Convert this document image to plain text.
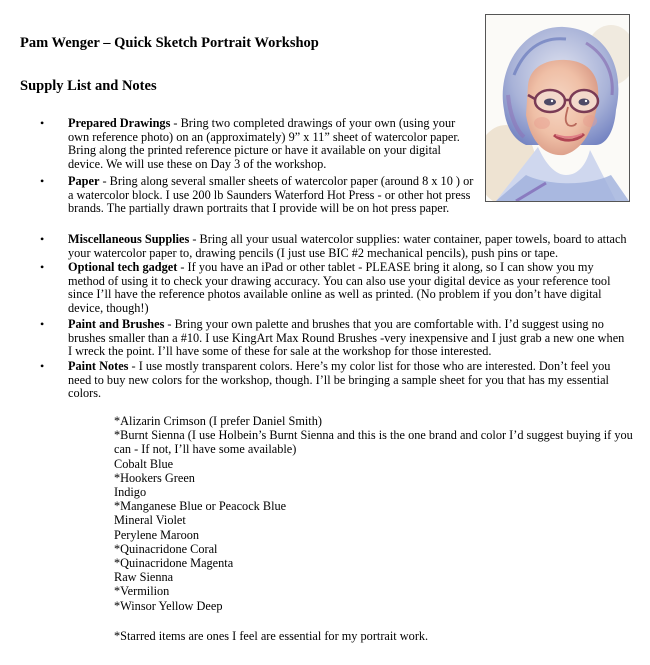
Pam Wenger – Quick Sketch Portrait Workshop
Supply List and Notes
• Prepared Drawings - Bring two completed drawings of your own (using your own reference photo) on an (approximately) 9” x 11” sheet of watercolor paper. Bring along the printed reference picture or have it available on your digital device. We will use these on Day 3 of the workshop.
• Paper - Bring along several smaller sheets of watercolor paper (around 8 x 10 ) or a watercolor block. I use 200 lb Saunders Waterford Hot Press - or other hot press brands. The partially drawn portraits that I provide will be on hot press paper.
• Miscellaneous Supplies - Bring all your usual watercolor supplies: water container, paper towels, board to attach your watercolor paper to, drawing pencils (I just use BIC #2 mechanical pencils), push pins or tape.
• Optional tech gadget - If you have an iPad or other tablet - PLEASE bring it along, so I can show you my method of using it to check your drawing accuracy. You can also use your digital device as your reference tool since I’ll have the reference photos available online as well as printed. (No problem if you don’t have digital device, though!)
• Paint and Brushes - Bring your own palette and brushes that you are comfortable with. I’d suggest using no brushes smaller than a #10. I use KingArt Max Round Brushes -very inexpensive and I just grab a new one when I wreck the point. I’ll have some of these for sale at the workshop for those interested.
• Paint Notes - I use mostly transparent colors. Here’s my color list for those who are interested. Don’t feel you need to buy new colors for the workshop, though. I’ll be bringing a sample sheet for you that has my essential colors.
*Alizarin Crimson (I prefer Daniel Smith)
*Burnt Sienna (I use Holbein’s Burnt Sienna and this is the one brand and color I’d suggest buying if you can - If not, I’ll have some available)
Cobalt Blue
*Hookers Green
Indigo
*Manganese Blue or Peacock Blue
Mineral Violet
Perylene Maroon
*Quinacridone Coral
*Quinacridone Magenta
Raw Sienna
*Vermilion
*Winsor Yellow Deep
*Starred items are ones I feel are essential for my portrait work.
